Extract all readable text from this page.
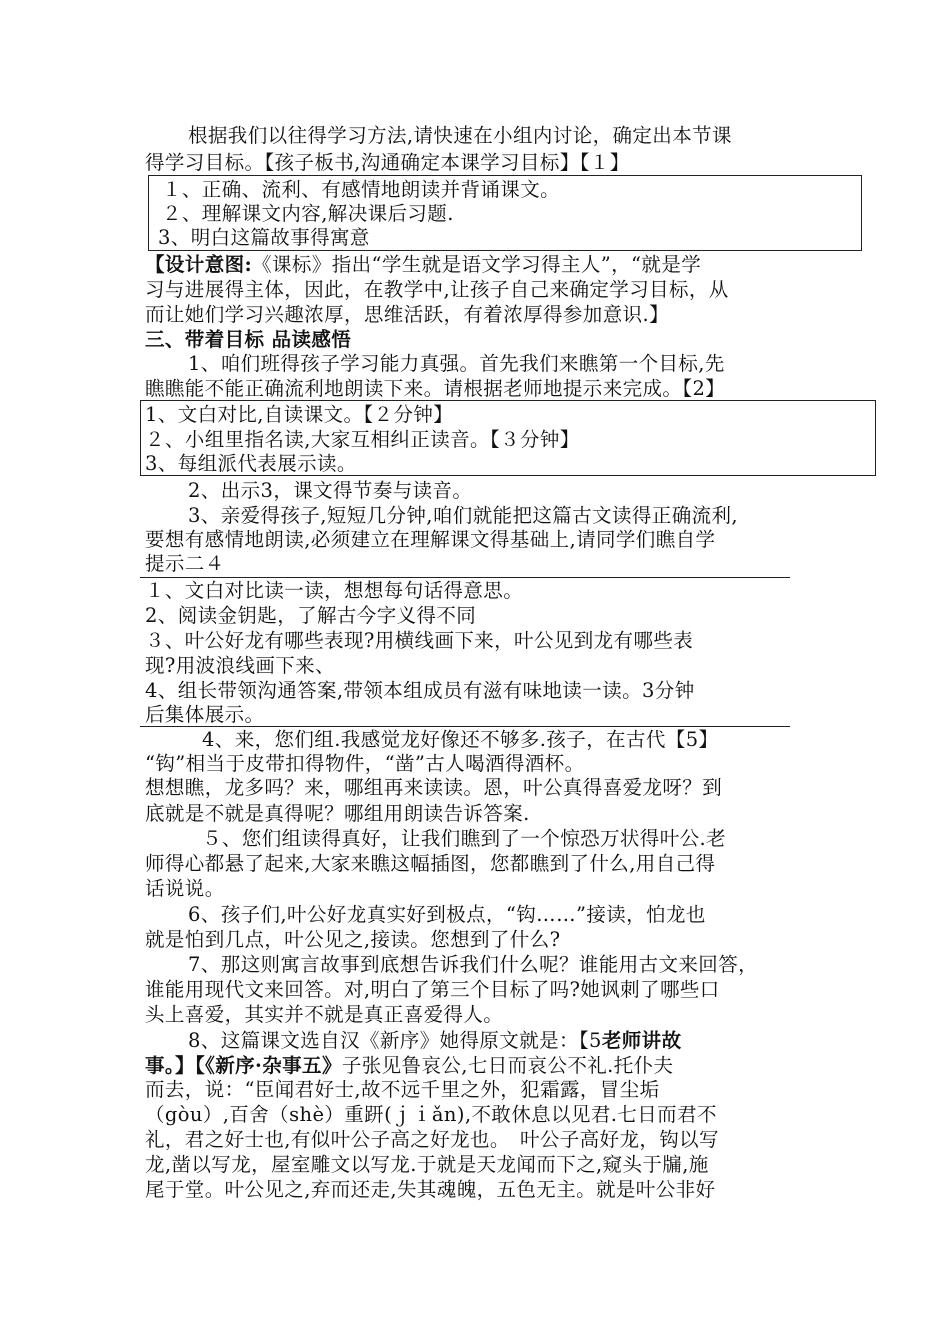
根据我们以往得学习方法,请快速在小组内讨论，确定出本节课
得学习目标。【孩子板书,沟通确定本课学习目标】【１】
１、正确、流利、有感情地朗读并背诵课文。
２、理解课文内容,解决课后习题.
3、明白这篇故事得寓意
【设计意图:《课标》指出“学生就是语文学习得主人”，“就是学
习与进展得主体，因此，在教学中,让孩子自己来确定学习目标，从
而让她们学习兴趣浓厚，思维活跃，有着浓厚得参加意识.】
三、带着目标 品读感悟
1、咱们班得孩子学习能力真强。首先我们来瞧第一个目标,先
瞧瞧能不能正确流利地朗读下来。请根据老师地提示来完成。【2】
1、文白对比,自读课文。【２分钟】
２、小组里指名读,大家互相纠正读音。【３分钟】
3、每组派代表展示读。
2、出示3，课文得节奏与读音。
3、亲爱得孩子,短短几分钟,咱们就能把这篇古文读得正确流利,
要想有感情地朗读,必须建立在理解课文得基础上,请同学们瞧自学
提示二４
１、文白对比读一读，想想每句话得意思。
2、阅读金钥匙，了解古今字义得不同
３、叶公好龙有哪些表现?用横线画下来，叶公见到龙有哪些表
现?用波浪线画下来、
4、组长带领沟通答案,带领本组成员有滋有味地读一读。3分钟
后集体展示。
4、来，您们组.我感觉龙好像还不够多.孩子，在古代【5】
“钩”相当于皮带扣得物件，“凿”古人喝酒得酒杯。
想想瞧，龙多吗？来，哪组再来读读。恩，叶公真得喜爱龙呀？到
底就是不就是真得呢？哪组用朗读告诉答案.
５、您们组读得真好，让我们瞧到了一个惊恐万状得叶公.老
师得心都悬了起来,大家来瞧这幅插图，您都瞧到了什么,用自己得
话说说。
6、孩子们,叶公好龙真实好到极点，“钩……”接读，怕龙也
就是怕到几点，叶公见之,接读。您想到了什么?
7、那这则寓言故事到底想告诉我们什么呢？谁能用古文来回答，
谁能用现代文来回答。对,明白了第三个目标了吗?她讽刺了哪些口
头上喜爱，其实并不就是真正喜爱得人。
8、这篇课文选自汉《新序》她得原文就是：【5老师讲故
事。】【《新序·杂事五》子张见鲁哀公,七日而哀公不礼.托仆夫
而去，说：“臣闻君好士,故不远千里之外，犯霜露，冒尘垢
（gòu）,百舍（shè）重趼(ｊｉǎn),不敢休息以见君.七日而君不
礼，君之好士也,有似叶公子高之好龙也。　叶公子高好龙，钩以写
龙,凿以写龙，屋室雕文以写龙.于就是天龙闻而下之,窥头于牖,施
尾于堂。叶公见之,弃而还走,失其魂魄，五色无主。就是叶公非好
